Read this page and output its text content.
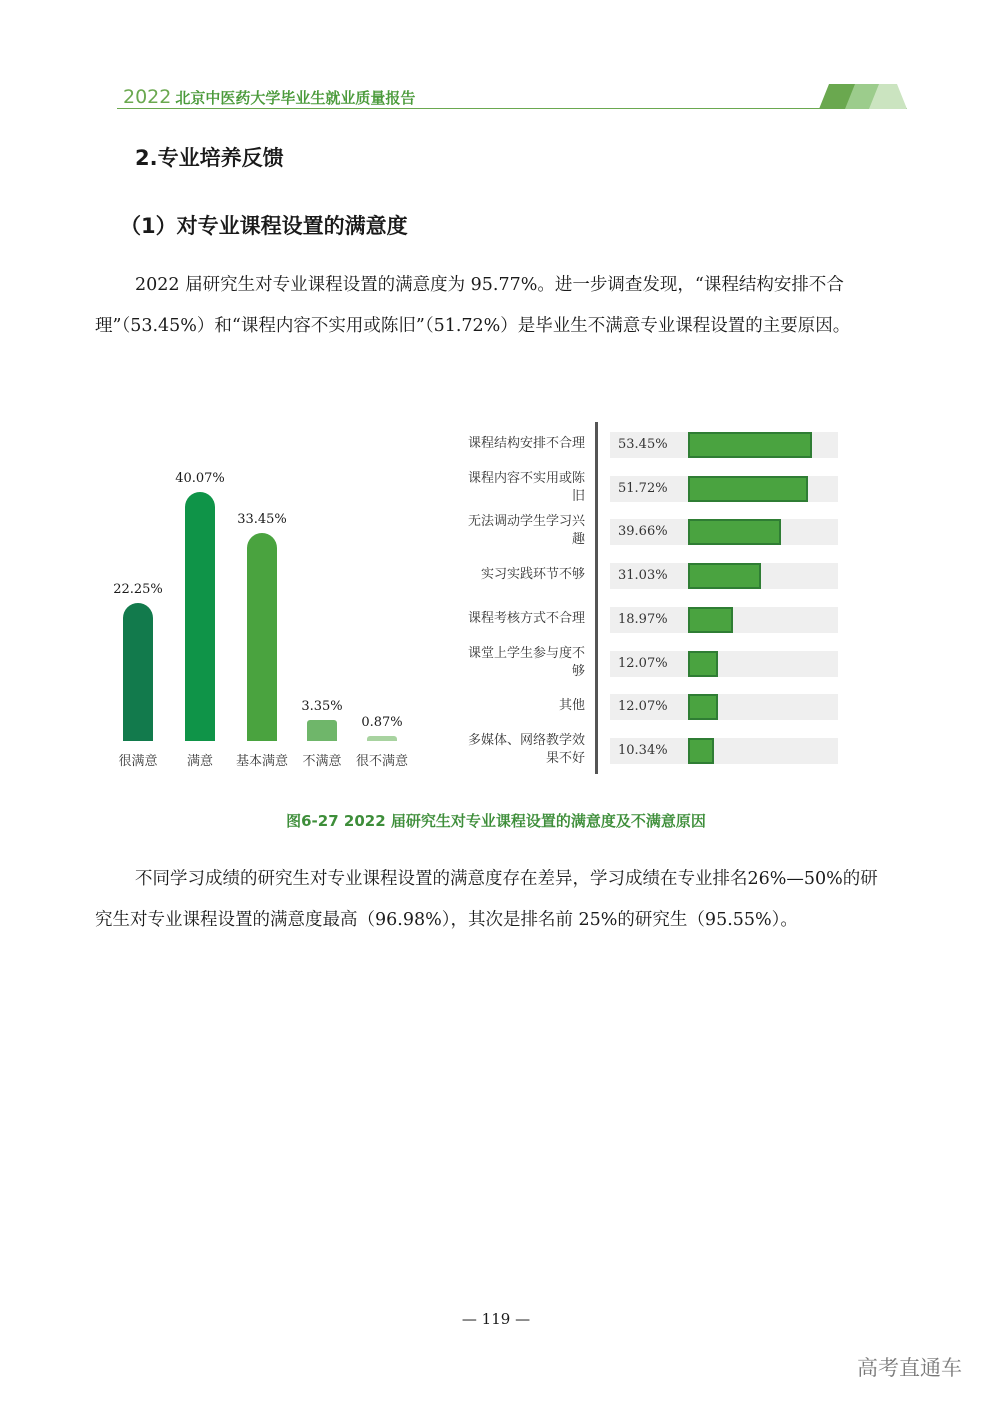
2022 北京中医药大学毕业生就业质量报告
2.专业培养反馈
（1）对专业课程设置的满意度

2022 届研究生对专业课程设置的满意度为 95.77%。进一步调查发现，“课程结构安排不合理”（53.45%）和“课程内容不实用或陈旧”（51.72%）是毕业生不满意专业课程设置的主要原因。

22.25%
很满意
40.07%
满意
33.45%
基本满意
3.35%
不满意
0.87%
很不满意
课程结构安排不合理	53.45%
课程内容不实用或陈
旧
51.72%
无法调动学生学习兴
趣
39.66%
实习实践环节不够	31.03%
课程考核方式不合理	18.97%
课堂上学生参与度不
够
12.07%
其他	12.07%
多媒体、网络教学效
果不好
10.34%
图6-27 2022 届研究生对专业课程设置的满意度及不满意原因

不同学习成绩的研究生对专业课程设置的满意度存在差异，学习成绩在专业排名26%—50%的研究生对专业课程设置的满意度最高（96.98%），其次是排名前 25%的研究生（95.55%）。

— 119 —
高考直通车
